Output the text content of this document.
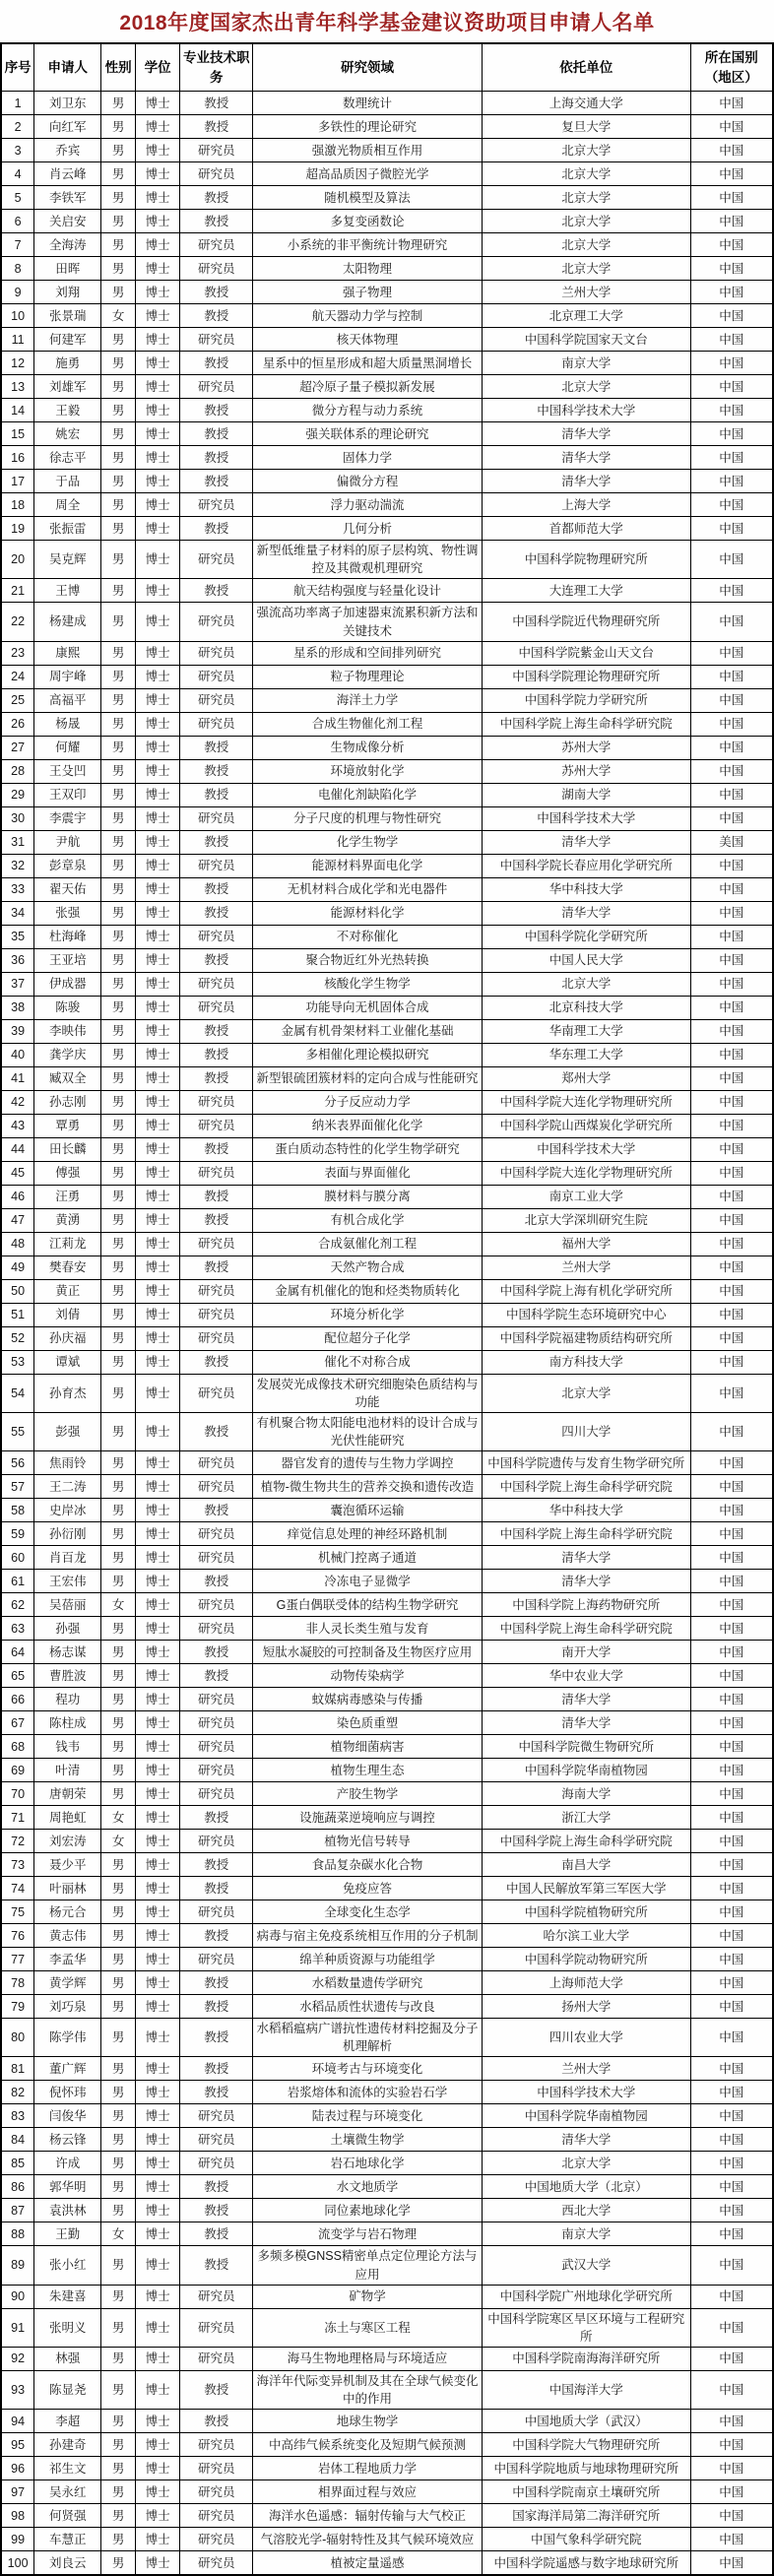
2018年度国家杰出青年科学基金建议资助项目申请人名单
序号	申请人	性别	学位	专业技术职务	研究领域	依托单位	所在国别（地区）
1	刘卫东	男	博士	教授	数理统计	上海交通大学	中国
2	向红军	男	博士	教授	多铁性的理论研究	复旦大学	中国
3	乔宾	男	博士	研究员	强激光物质相互作用	北京大学	中国
4	肖云峰	男	博士	研究员	超高品质因子微腔光学	北京大学	中国
5	李铁军	男	博士	教授	随机模型及算法	北京大学	中国
6	关启安	男	博士	教授	多复变函数论	北京大学	中国
7	全海涛	男	博士	研究员	小系统的非平衡统计物理研究	北京大学	中国
8	田晖	男	博士	研究员	太阳物理	北京大学	中国
9	刘翔	男	博士	教授	强子物理	兰州大学	中国
10	张景瑞	女	博士	教授	航天器动力学与控制	北京理工大学	中国
11	何建军	男	博士	研究员	核天体物理	中国科学院国家天文台	中国
12	施勇	男	博士	教授	星系中的恒星形成和超大质量黑洞增长	南京大学	中国
13	刘雄军	男	博士	研究员	超冷原子量子模拟新发展	北京大学	中国
14	王毅	男	博士	教授	微分方程与动力系统	中国科学技术大学	中国
15	姚宏	男	博士	教授	强关联体系的理论研究	清华大学	中国
16	徐志平	男	博士	教授	固体力学	清华大学	中国
17	于品	男	博士	教授	偏微分方程	清华大学	中国
18	周全	男	博士	研究员	浮力驱动湍流	上海大学	中国
19	张振雷	男	博士	教授	几何分析	首都师范大学	中国
20	吴克辉	男	博士	研究员	新型低维量子材料的原子层构筑、物性调控及其微观机理研究	中国科学院物理研究所	中国
21	王博	男	博士	教授	航天结构强度与轻量化设计	大连理工大学	中国
22	杨建成	男	博士	研究员	强流高功率离子加速器束流累积新方法和关键技术	中国科学院近代物理研究所	中国
23	康熙	男	博士	研究员	星系的形成和空间排列研究	中国科学院紫金山天文台	中国
24	周宇峰	男	博士	研究员	粒子物理理论	中国科学院理论物理研究所	中国
25	高福平	男	博士	研究员	海洋土力学	中国科学院力学研究所	中国
26	杨晟	男	博士	研究员	合成生物催化剂工程	中国科学院上海生命科学研究院	中国
27	何耀	男	博士	教授	生物成像分析	苏州大学	中国
28	王殳凹	男	博士	教授	环境放射化学	苏州大学	中国
29	王双印	男	博士	教授	电催化剂缺陷化学	湖南大学	中国
30	李震宇	男	博士	研究员	分子尺度的机理与物性研究	中国科学技术大学	中国
31	尹航	男	博士	教授	化学生物学	清华大学	美国
32	彭章泉	男	博士	研究员	能源材料界面电化学	中国科学院长春应用化学研究所	中国
33	翟天佑	男	博士	教授	无机材料合成化学和光电器件	华中科技大学	中国
34	张强	男	博士	教授	能源材料化学	清华大学	中国
35	杜海峰	男	博士	研究员	不对称催化	中国科学院化学研究所	中国
36	王亚培	男	博士	教授	聚合物近红外光热转换	中国人民大学	中国
37	伊成器	男	博士	研究员	核酸化学生物学	北京大学	中国
38	陈骏	男	博士	研究员	功能导向无机固体合成	北京科技大学	中国
39	李映伟	男	博士	教授	金属有机骨架材料工业催化基础	华南理工大学	中国
40	龚学庆	男	博士	教授	多相催化理论模拟研究	华东理工大学	中国
41	臧双全	男	博士	教授	新型银硫团簇材料的定向合成与性能研究	郑州大学	中国
42	孙志刚	男	博士	研究员	分子反应动力学	中国科学院大连化学物理研究所	中国
43	覃勇	男	博士	研究员	纳米表界面催化化学	中国科学院山西煤炭化学研究所	中国
44	田长麟	男	博士	教授	蛋白质动态特性的化学生物学研究	中国科学技术大学	中国
45	傅强	男	博士	研究员	表面与界面催化	中国科学院大连化学物理研究所	中国
46	汪勇	男	博士	教授	膜材料与膜分离	南京工业大学	中国
47	黄湧	男	博士	教授	有机合成化学	北京大学深圳研究生院	中国
48	江莉龙	男	博士	研究员	合成氨催化剂工程	福州大学	中国
49	樊春安	男	博士	教授	天然产物合成	兰州大学	中国
50	黄正	男	博士	研究员	金属有机催化的饱和烃类物质转化	中国科学院上海有机化学研究所	中国
51	刘倩	男	博士	研究员	环境分析化学	中国科学院生态环境研究中心	中国
52	孙庆福	男	博士	研究员	配位超分子化学	中国科学院福建物质结构研究所	中国
53	谭斌	男	博士	教授	催化不对称合成	南方科技大学	中国
54	孙育杰	男	博士	研究员	发展荧光成像技术研究细胞染色质结构与功能	北京大学	中国
55	彭强	男	博士	教授	有机聚合物太阳能电池材料的设计合成与光伏性能研究	四川大学	中国
56	焦雨铃	男	博士	研究员	器官发育的遗传与生物力学调控	中国科学院遗传与发育生物学研究所	中国
57	王二涛	男	博士	研究员	植物-微生物共生的营养交换和遗传改造	中国科学院上海生命科学研究院	中国
58	史岸冰	男	博士	教授	囊泡循环运输	华中科技大学	中国
59	孙衍刚	男	博士	研究员	痒觉信息处理的神经环路机制	中国科学院上海生命科学研究院	中国
60	肖百龙	男	博士	研究员	机械门控离子通道	清华大学	中国
61	王宏伟	男	博士	教授	冷冻电子显微学	清华大学	中国
62	吴蓓丽	女	博士	研究员	G蛋白偶联受体的结构生物学研究	中国科学院上海药物研究所	中国
63	孙强	男	博士	研究员	非人灵长类生殖与发育	中国科学院上海生命科学研究院	中国
64	杨志谋	男	博士	教授	短肽水凝胶的可控制备及生物医疗应用	南开大学	中国
65	曹胜波	男	博士	教授	动物传染病学	华中农业大学	中国
66	程功	男	博士	研究员	蚊媒病毒感染与传播	清华大学	中国
67	陈柱成	男	博士	研究员	染色质重塑	清华大学	中国
68	钱韦	男	博士	研究员	植物细菌病害	中国科学院微生物研究所	中国
69	叶清	男	博士	研究员	植物生理生态	中国科学院华南植物园	中国
70	唐朝荣	男	博士	研究员	产胶生物学	海南大学	中国
71	周艳虹	女	博士	教授	设施蔬菜逆境响应与调控	浙江大学	中国
72	刘宏涛	女	博士	研究员	植物光信号转导	中国科学院上海生命科学研究院	中国
73	聂少平	男	博士	教授	食品复杂碳水化合物	南昌大学	中国
74	叶丽林	男	博士	教授	免疫应答	中国人民解放军第三军医大学	中国
75	杨元合	男	博士	研究员	全球变化生态学	中国科学院植物研究所	中国
76	黄志伟	男	博士	教授	病毒与宿主免疫系统相互作用的分子机制	哈尔滨工业大学	中国
77	李孟华	男	博士	研究员	绵羊种质资源与功能组学	中国科学院动物研究所	中国
78	黄学辉	男	博士	教授	水稻数量遗传学研究	上海师范大学	中国
79	刘巧泉	男	博士	教授	水稻品质性状遗传与改良	扬州大学	中国
80	陈学伟	男	博士	教授	水稻稻瘟病广谱抗性遗传材料挖掘及分子机理解析	四川农业大学	中国
81	董广辉	男	博士	教授	环境考古与环境变化	兰州大学	中国
82	倪怀玮	男	博士	教授	岩浆熔体和流体的实验岩石学	中国科学技术大学	中国
83	闫俊华	男	博士	研究员	陆表过程与环境变化	中国科学院华南植物园	中国
84	杨云锋	男	博士	研究员	土壤微生物学	清华大学	中国
85	许成	男	博士	研究员	岩石地球化学	北京大学	中国
86	郭华明	男	博士	教授	水文地质学	中国地质大学（北京）	中国
87	袁洪林	男	博士	教授	同位素地球化学	西北大学	中国
88	王勤	女	博士	教授	流变学与岩石物理	南京大学	中国
89	张小红	男	博士	教授	多频多模GNSS精密单点定位理论方法与应用	武汉大学	中国
90	朱建喜	男	博士	研究员	矿物学	中国科学院广州地球化学研究所	中国
91	张明义	男	博士	研究员	冻土与寒区工程	中国科学院寒区旱区环境与工程研究所	中国
92	林强	男	博士	研究员	海马生物地理格局与环境适应	中国科学院南海海洋研究所	中国
93	陈显尧	男	博士	教授	海洋年代际变异机制及其在全球气候变化中的作用	中国海洋大学	中国
94	李超	男	博士	教授	地球生物学	中国地质大学（武汉）	中国
95	孙建奇	男	博士	研究员	中高纬气候系统变化及短期气候预测	中国科学院大气物理研究所	中国
96	祁生文	男	博士	研究员	岩体工程地质力学	中国科学院地质与地球物理研究所	中国
97	吴永红	男	博士	研究员	相界面过程与效应	中国科学院南京土壤研究所	中国
98	何贤强	男	博士	研究员	海洋水色遥感：辐射传输与大气校正	国家海洋局第二海洋研究所	中国
99	车慧正	男	博士	研究员	气溶胶光学-辐射特性及其气候环境效应	中国气象科学研究院	中国
100	刘良云	男	博士	研究员	植被定量遥感	中国科学院遥感与数字地球研究所	中国
